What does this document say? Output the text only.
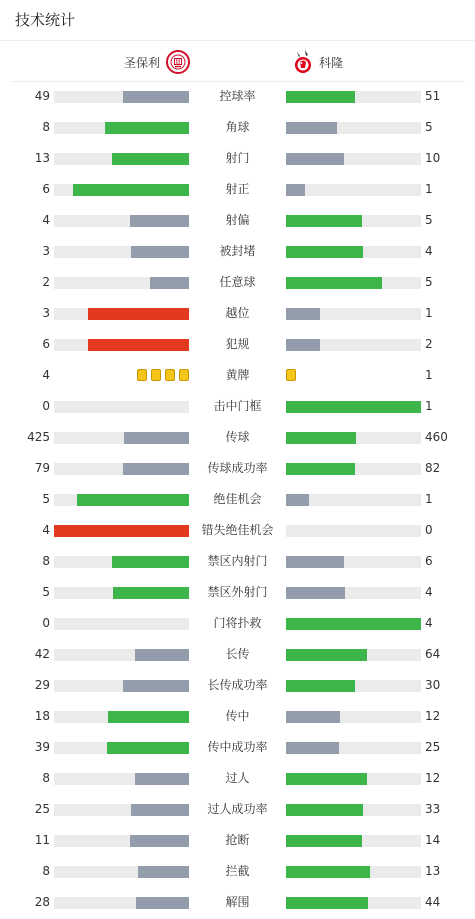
技术统计
圣保利	科隆
49	控球率	51
8	角球	5
13	射门	10
6	射正	1
4	射偏	5
3	被封堵	4
2	任意球	5
3	越位	1
6	犯规	2
4	黄牌	1
0	击中门框	1
425	传球	460
79	传球成功率	82
5	绝佳机会	1
4	错失绝佳机会	0
8	禁区内射门	6
5	禁区外射门	4
0	门将扑救	4
42	长传	64
29	长传成功率	30
18	传中	12
39	传中成功率	25
8	过人	12
25	过人成功率	33
11	抢断	14
8	拦截	13
28	解围	44
